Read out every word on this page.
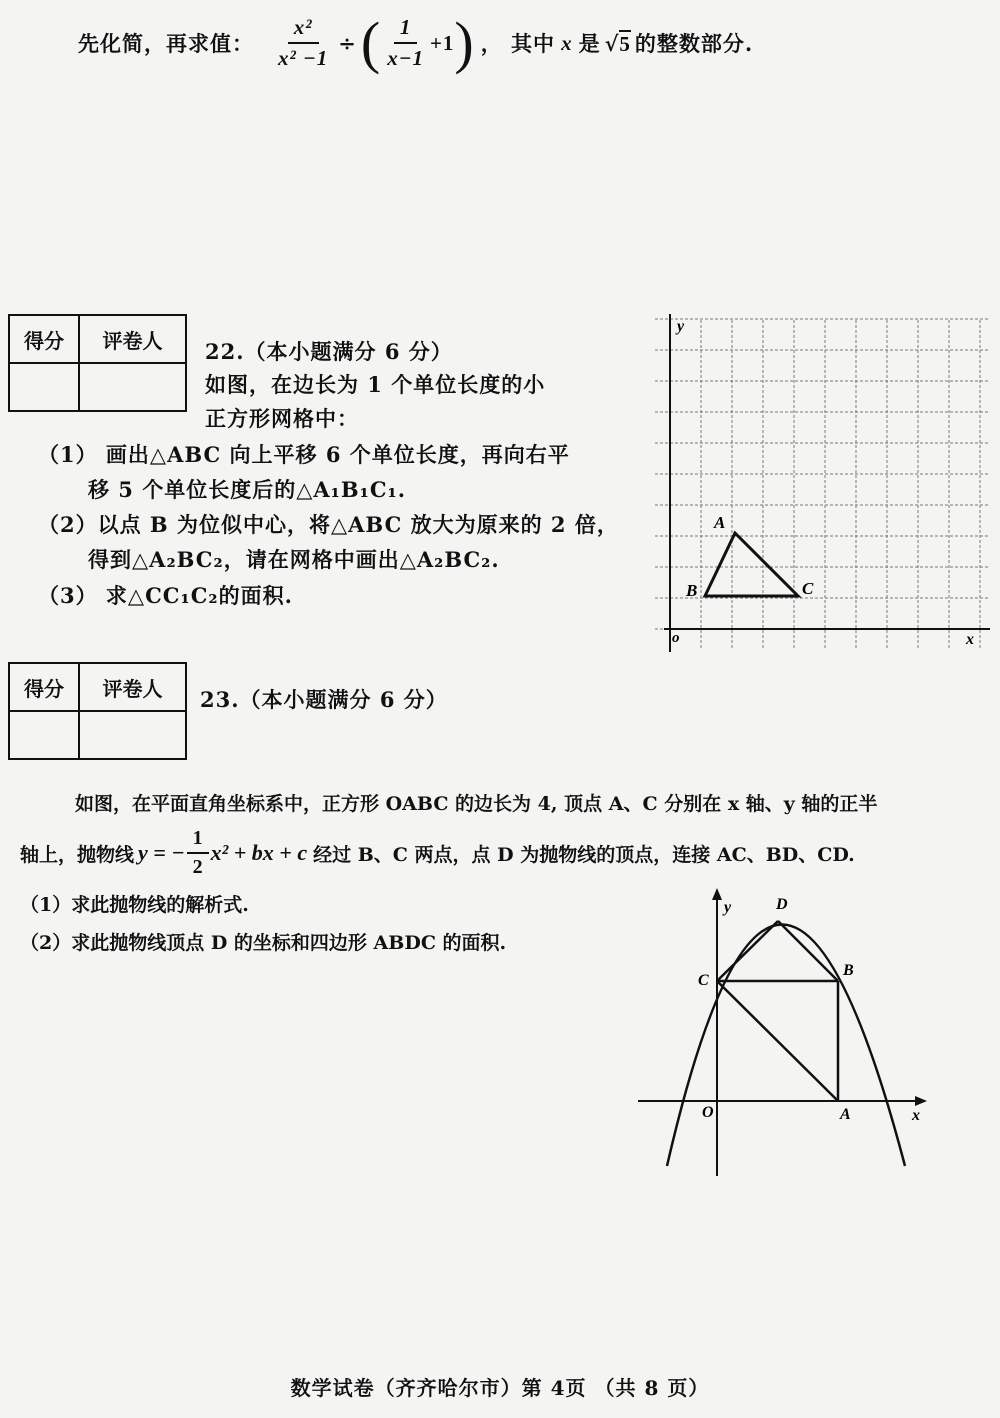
先化简，再求值： $\frac{\text{x²}}{\text{x² −1}}$ ÷ ( $\frac{1}{x-1} +1$ ) ， 其中 x 是 √ 5 的整数部分.
得分	评卷人
	22.（本小题满分 6 分）
如图，在边长为 1 个单位长度的小
正方形网格中：
（1） 画出△ABC 向上平移 6 个单位长度，再向右平
移 5 个单位长度后的△A₁B₁C₁.
（2）以点 B 为位似中心，将△ABC 放大为原来的 2 倍，
得到△A₂BC₂，请在网格中画出△A₂BC₂.
（3） 求△CC₁C₂的面积.
y
x
o
A
B	C
得分	评卷人
	23.（本小题满分 6 分）
如图，在平面直角坐标系中，正方形 OABC 的边长为 4, 顶点 A、C 分别在 x 轴、y 轴的正半
轴上，抛物线 y = − $\frac{1}{2} x^2$ + bx + c 经过 B、C 两点，点 D 为抛物线的顶点，连接 AC、BD、CD.
（1）求此抛物线的解析式.
（2）求此抛物线顶点 D 的坐标和四边形 ABDC 的面积.
y
x
O	A
B
C
D
数学试卷（齐齐哈尔市）第 4页 （共 8 页）
